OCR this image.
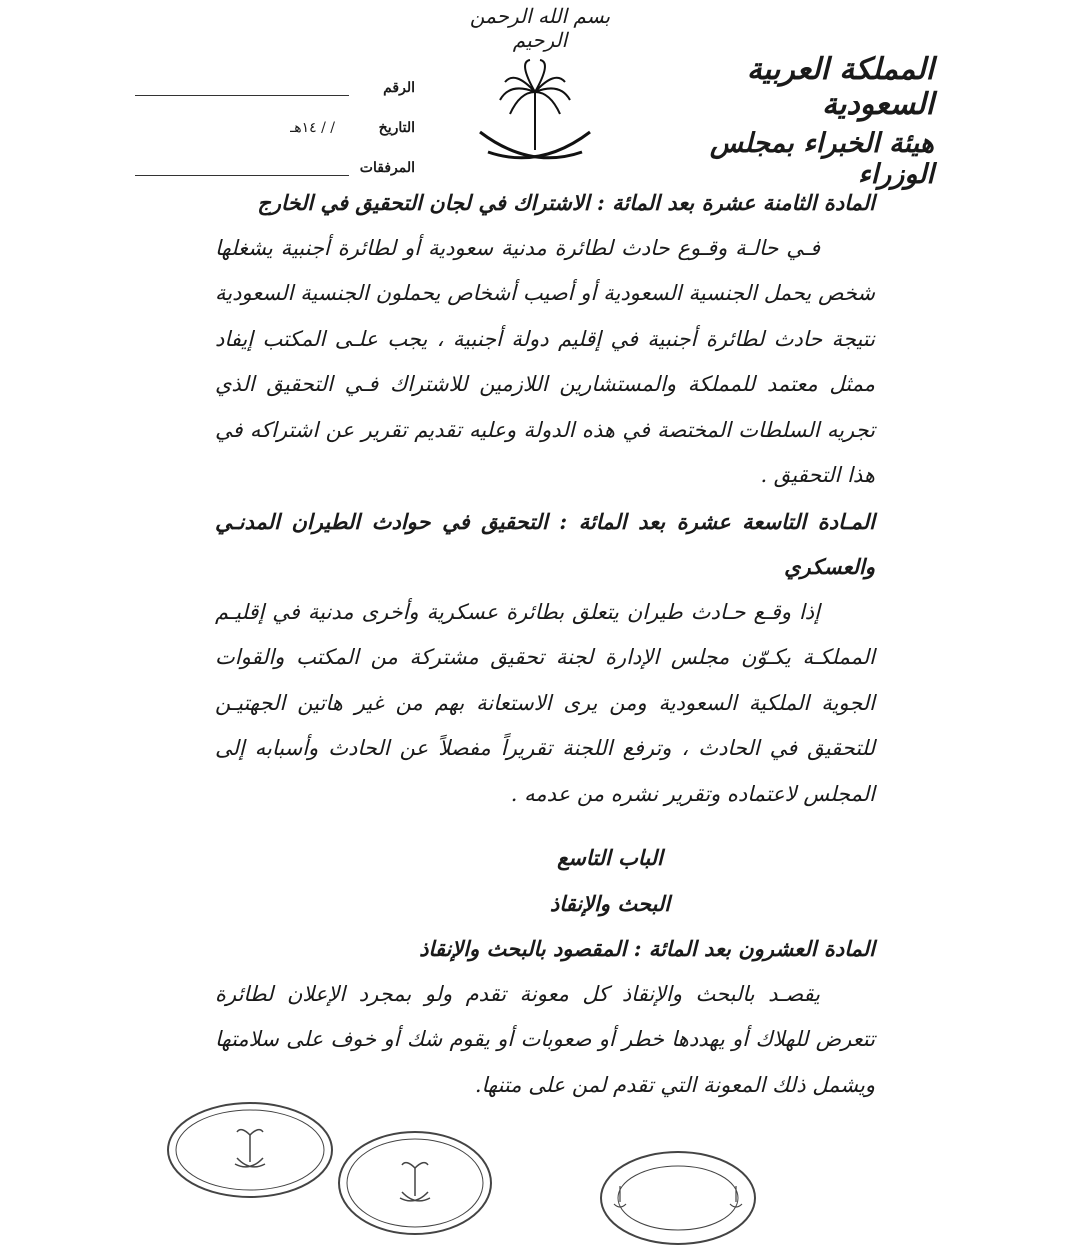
بسم الله الرحمن الرحيم
المملكة العربية السعودية
هيئة الخبراء بمجلس الوزراء
الرقم
التاريخ
/ / ١٤هـ
المرفقات

المادة الثامنة عشرة بعد المائة : الاشتراك في لجان التحقيق في الخارج

فـي حالـة وقـوع حادث لطائرة مدنية سعودية أو لطائرة أجنبية يشغلها شخص يحمل الجنسية السعودية أو أصيب أشخاص يحملون الجنسية السعودية نتيجة حادث لطائرة أجنبية في إقليم دولة أجنبية ، يجب علـى المكتب إيفاد ممثل معتمد للمملكة والمستشارين اللازمين للاشتراك فـي التحقيق الذي تجريه السلطات المختصة في هذه الدولة وعليه تقديم تقرير عن اشتراكه في هذا التحقيق .

المـادة التاسعة عشرة بعد المائة : التحقيق في حوادث الطيران المدنـي والعسكري

إذا وقـع حـادث طيران يتعلق بطائرة عسكرية وأخرى مدنية في إقليـم المملكـة يكـوّن مجلس الإدارة لجنة تحقيق مشتركة من المكتب والقوات الجوية الملكية السعودية ومن يرى الاستعانة بهم من غير هاتين الجهتيـن للتحقيق في الحادث ، وترفع اللجنة تقريراً مفصلاً عن الحادث وأسبابه إلى المجلس لاعتماده وتقرير نشره من عدمه .

الباب التاسع

البحث والإنقاذ

المادة العشرون بعد المائة : المقصود بالبحث والإنقاذ

يقصـد بالبحث والإنقاذ كل معونة تقدم ولو بمجرد الإعلان لطائرة تتعرض للهلاك أو يهددها خطر أو صعوبات أو يقوم شك أو خوف على سلامتها ويشمل ذلك المعونة التي تقدم لمن على متنها.
